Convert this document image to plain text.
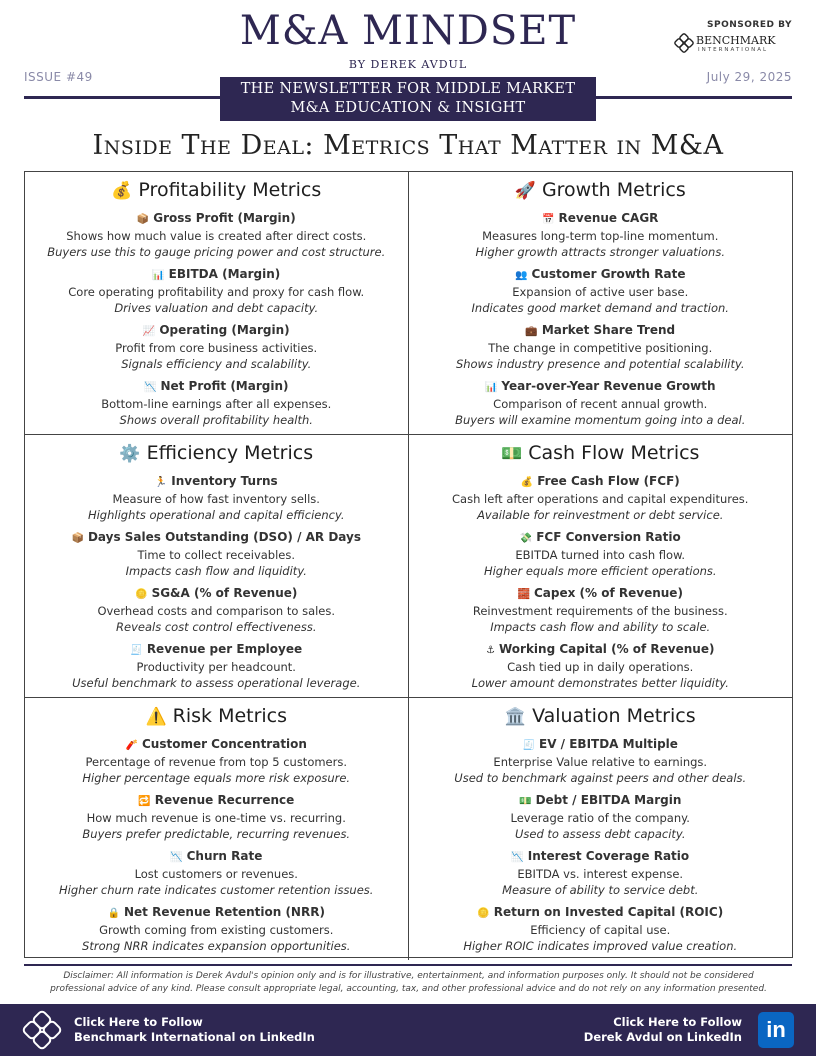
M&A MINDSET
BY DEREK AVDUL
ISSUE #49	July 29, 2025
SPONSORED BY
BENCHMARK
INTERNATIONAL
THE NEWSLETTER FOR MIDDLE MARKET
M&A EDUCATION & INSIGHT
Inside The Deal: Metrics That Matter in M&A
💰 Profitability Metrics
📦 Gross Profit (Margin)
Shows how much value is created after direct costs.
Buyers use this to gauge pricing power and cost structure.
📊 EBITDA (Margin)
Core operating profitability and proxy for cash flow.
Drives valuation and debt capacity.
📈 Operating (Margin)
Profit from core business activities.
Signals efficiency and scalability.
📉 Net Profit (Margin)
Bottom-line earnings after all expenses.
Shows overall profitability health.
🚀 Growth Metrics
📅 Revenue CAGR
Measures long-term top-line momentum.
Higher growth attracts stronger valuations.
👥 Customer Growth Rate
Expansion of active user base.
Indicates good market demand and traction.
💼 Market Share Trend
The change in competitive positioning.
Shows industry presence and potential scalability.
📊 Year-over-Year Revenue Growth
Comparison of recent annual growth.
Buyers will examine momentum going into a deal.
⚙️ Efficiency Metrics
🏃 Inventory Turns
Measure of how fast inventory sells.
Highlights operational and capital efficiency.
📦 Days Sales Outstanding (DSO) / AR Days
Time to collect receivables.
Impacts cash flow and liquidity.
🪙 SG&A (% of Revenue)
Overhead costs and comparison to sales.
Reveals cost control effectiveness.
🧾 Revenue per Employee
Productivity per headcount.
Useful benchmark to assess operational leverage.
💵 Cash Flow Metrics
💰 Free Cash Flow (FCF)
Cash left after operations and capital expenditures.
Available for reinvestment or debt service.
💸 FCF Conversion Ratio
EBITDA turned into cash flow.
Higher equals more efficient operations.
🧱 Capex (% of Revenue)
Reinvestment requirements of the business.
Impacts cash flow and ability to scale.
⚓ Working Capital (% of Revenue)
Cash tied up in daily operations.
Lower amount demonstrates better liquidity.
⚠️ Risk Metrics
🧨 Customer Concentration
Percentage of revenue from top 5 customers.
Higher percentage equals more risk exposure.
🔁 Revenue Recurrence
How much revenue is one-time vs. recurring.
Buyers prefer predictable, recurring revenues.
📉 Churn Rate
Lost customers or revenues.
Higher churn rate indicates customer retention issues.
🔒 Net Revenue Retention (NRR)
Growth coming from existing customers.
Strong NRR indicates expansion opportunities.
🏛️ Valuation Metrics
🧾 EV / EBITDA Multiple
Enterprise Value relative to earnings.
Used to benchmark against peers and other deals.
💵 Debt / EBITDA Margin
Leverage ratio of the company.
Used to assess debt capacity.
📉 Interest Coverage Ratio
EBITDA vs. interest expense.
Measure of ability to service debt.
🪙 Return on Invested Capital (ROIC)
Efficiency of capital use.
Higher ROIC indicates improved value creation.
Disclaimer: All information is Derek Avdul's opinion only and is for illustrative, entertainment, and information purposes only. It should not be considered
professional advice of any kind. Please consult appropriate legal, accounting, tax, and other professional advice and do not rely on any information presented.
Click Here to Follow
Benchmark International on LinkedIn
Click Here to Follow
Derek Avdul on LinkedIn	in
